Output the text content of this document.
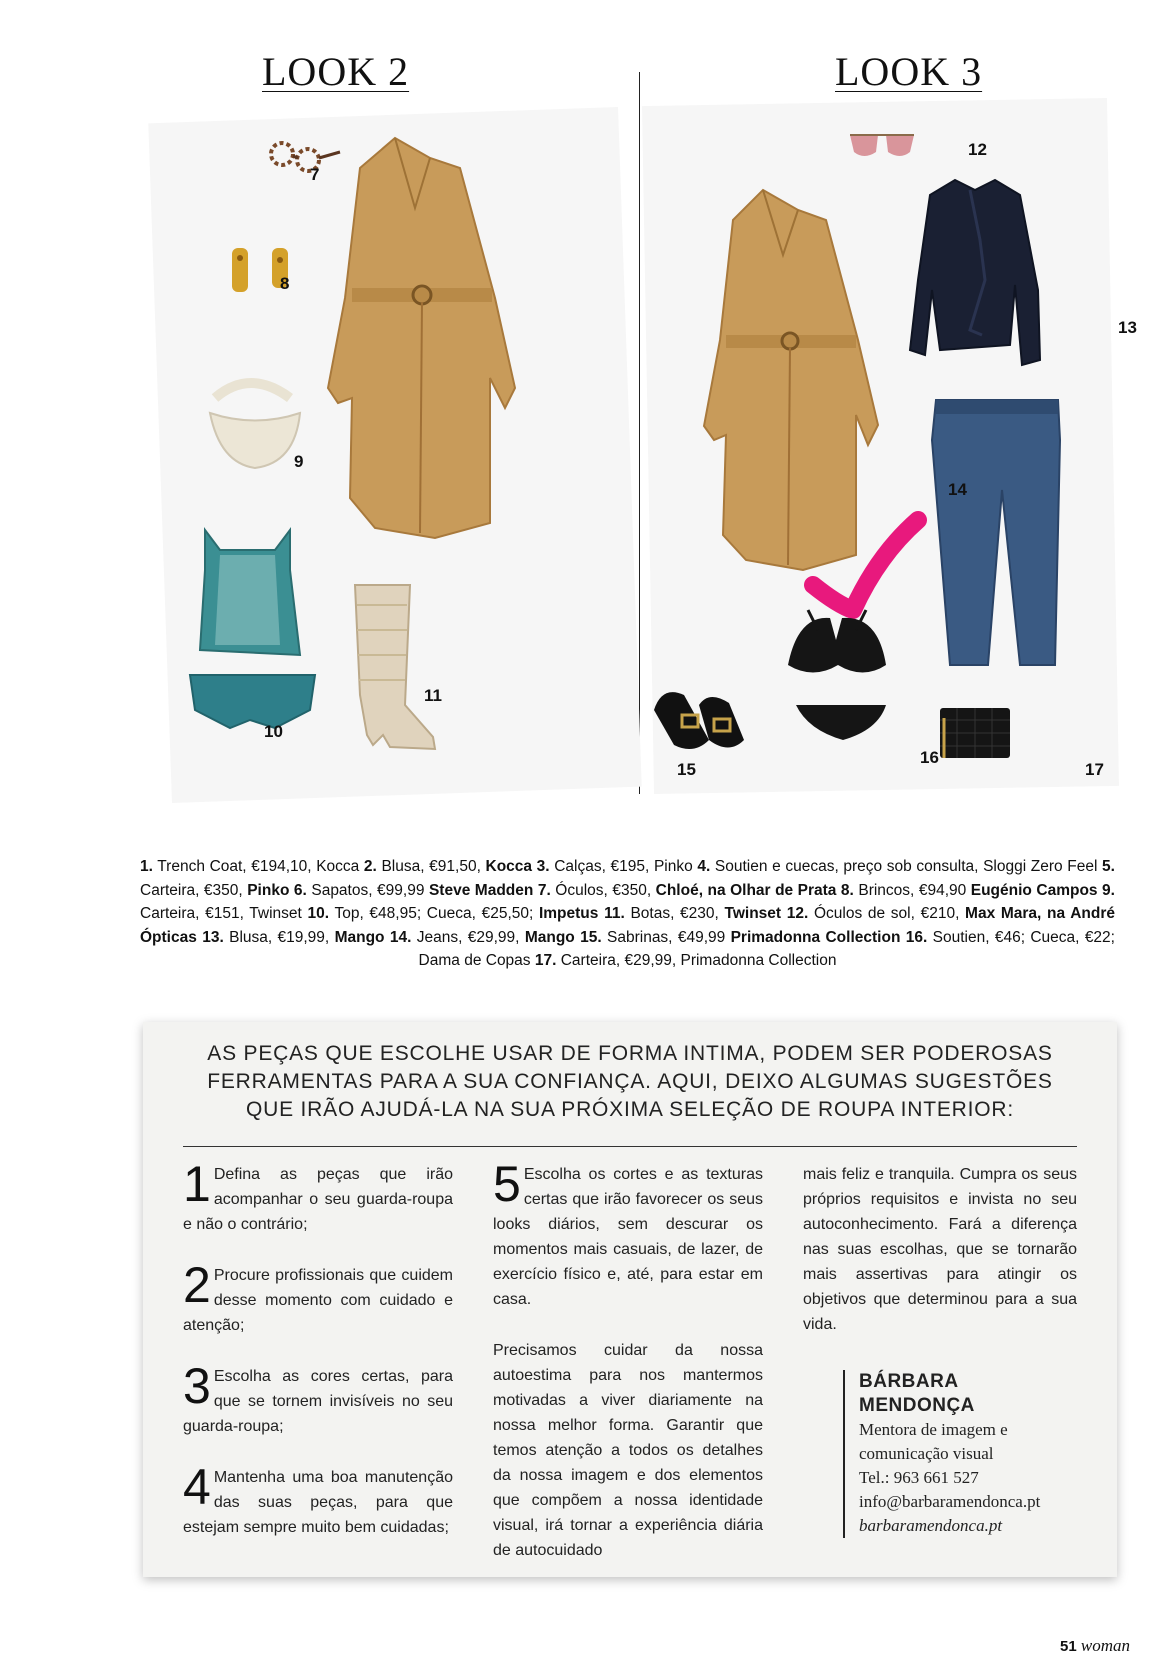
LOOK 2	LOOK 3
7
8
9
10
11
12
13
14
15
16
17
1. Trench Coat, €194,10, Kocca 2. Blusa, €91,50, Kocca 3. Calças, €195, Pinko 4. Soutien e cuecas, preço sob consulta, Sloggi Zero Feel 5. Carteira, €350, Pinko 6. Sapatos, €99,99 Steve Madden 7. Óculos, €350, Chloé, na Olhar de Prata 8. Brincos, €94,90 Eugénio Campos 9. Carteira, €151, Twinset 10. Top, €48,95; Cueca, €25,50; Impetus 11. Botas, €230, Twinset 12. Óculos de sol, €210, Max Mara, na André Ópticas 13. Blusa, €19,99, Mango 14. Jeans, €29,99, Mango 15. Sabrinas, €49,99 Primadonna Collection 16. Soutien, €46; Cueca, €22; Dama de Copas 17. Carteira, €29,99, Primadonna Collection
AS PEÇAS QUE ESCOLHE USAR DE FORMA INTIMA, PODEM SER PODEROSAS
FERRAMENTAS PARA A SUA CONFIANÇA. AQUI, DEIXO ALGUMAS SUGESTÕES
QUE IRÃO AJUDÁ-LA NA SUA PRÓXIMA SELEÇÃO DE ROUPA INTERIOR:
1 Defina as peças que irão acompanhar o seu guarda-roupa e não o contrário;
2 Procure profissionais que cuidem desse momento com cuidado e atenção;
3 Escolha as cores certas, para que se tornem invisíveis no seu guarda-roupa;
4 Mantenha uma boa manutenção das suas peças, para que estejam sempre muito bem cuidadas;
5 Escolha os cortes e as texturas certas que irão favorecer os seus looks diários, sem descurar os momentos mais casuais, de lazer, de exercício físico e, até, para estar em casa.

Precisamos cuidar da nossa autoestima para nos mantermos motivadas a viver diariamente na nossa melhor forma. Garantir que temos atenção a todos os detalhes da nossa imagem e dos elementos que compõem a nossa identidade visual, irá tornar a experiência diária de autocuidado

mais feliz e tranquila. Cumpra os seus próprios requisitos e invista no seu autoconhecimento. Fará a diferença nas suas escolhas, que se tornarão mais assertivas para atingir os objetivos que determinou para a sua vida.

BÁRBARA
MENDONÇA
Mentora de imagem e
comunicação visual
Tel.: 963 661 527
info@barbaramendonca.pt
barbaramendonca.pt
51 woman
